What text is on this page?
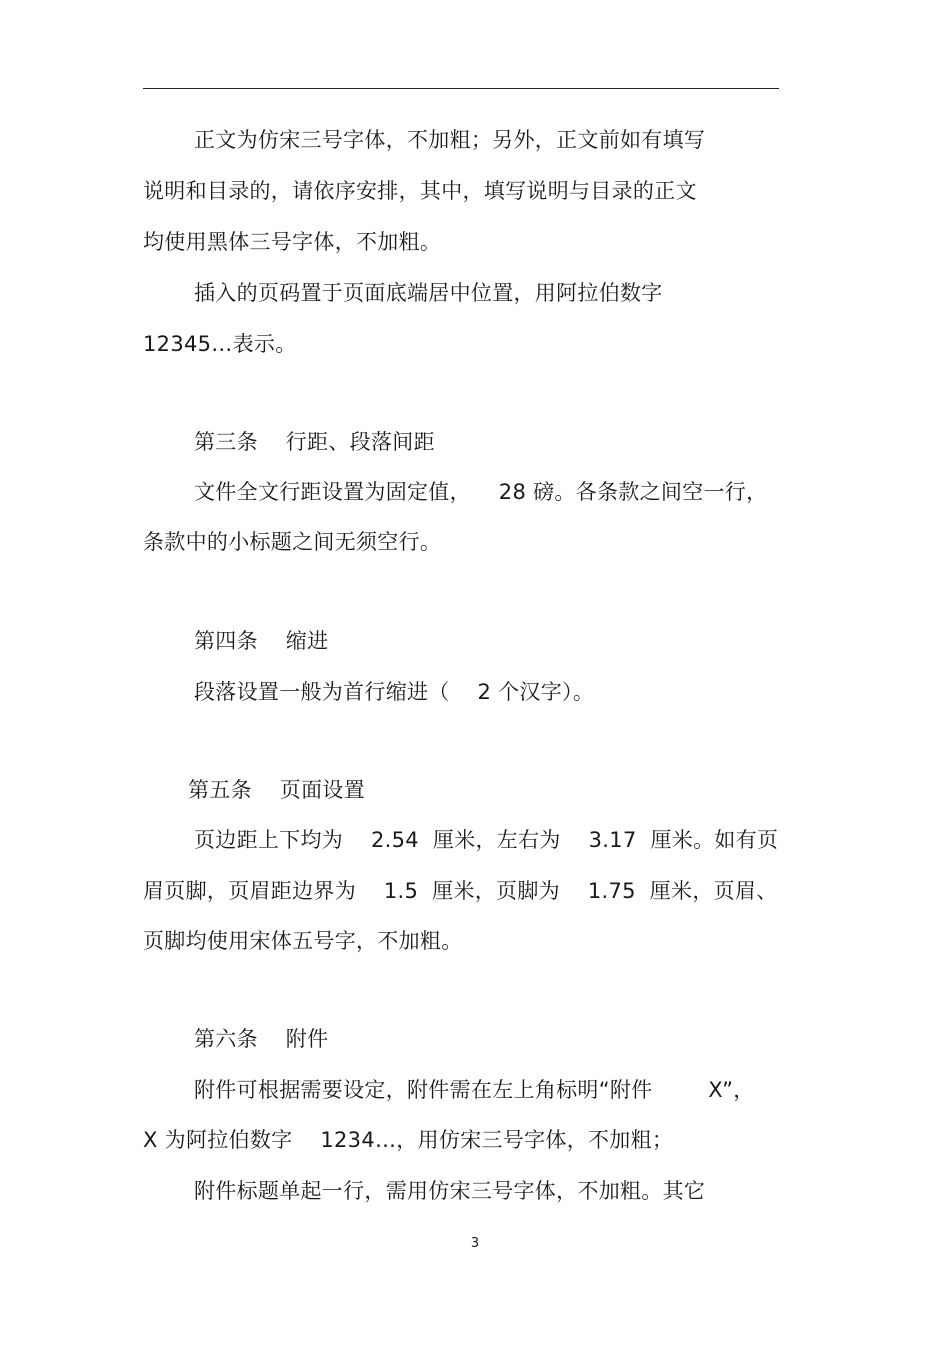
正文为仿宋三号字体，不加粗；另外，正文前如有填写
说明和目录的，请依序安排，其中，填写说明与目录的正文
均使用黑体三号字体，不加粗。
插入的页码置于页面底端居中位置，用阿拉伯数字
12345…表示。
第三条    行距、段落间距
文件全文行距设置为固定值，    28 磅。各条款之间空一行，
条款中的小标题之间无须空行。
第四条    缩进
段落设置一般为首行缩进（    2 个汉字）。
第五条    页面设置
页边距上下均为    2.54  厘米，左右为    3.17  厘米。如有页
眉页脚，页眉距边界为    1.5  厘米，页脚为    1.75  厘米，页眉、
页脚均使用宋体五号字，不加粗。
第六条    附件
附件可根据需要设定，附件需在左上角标明“附件        X”，
X 为阿拉伯数字    1234…，用仿宋三号字体，不加粗；
附件标题单起一行，需用仿宋三号字体，不加粗。其它
3
